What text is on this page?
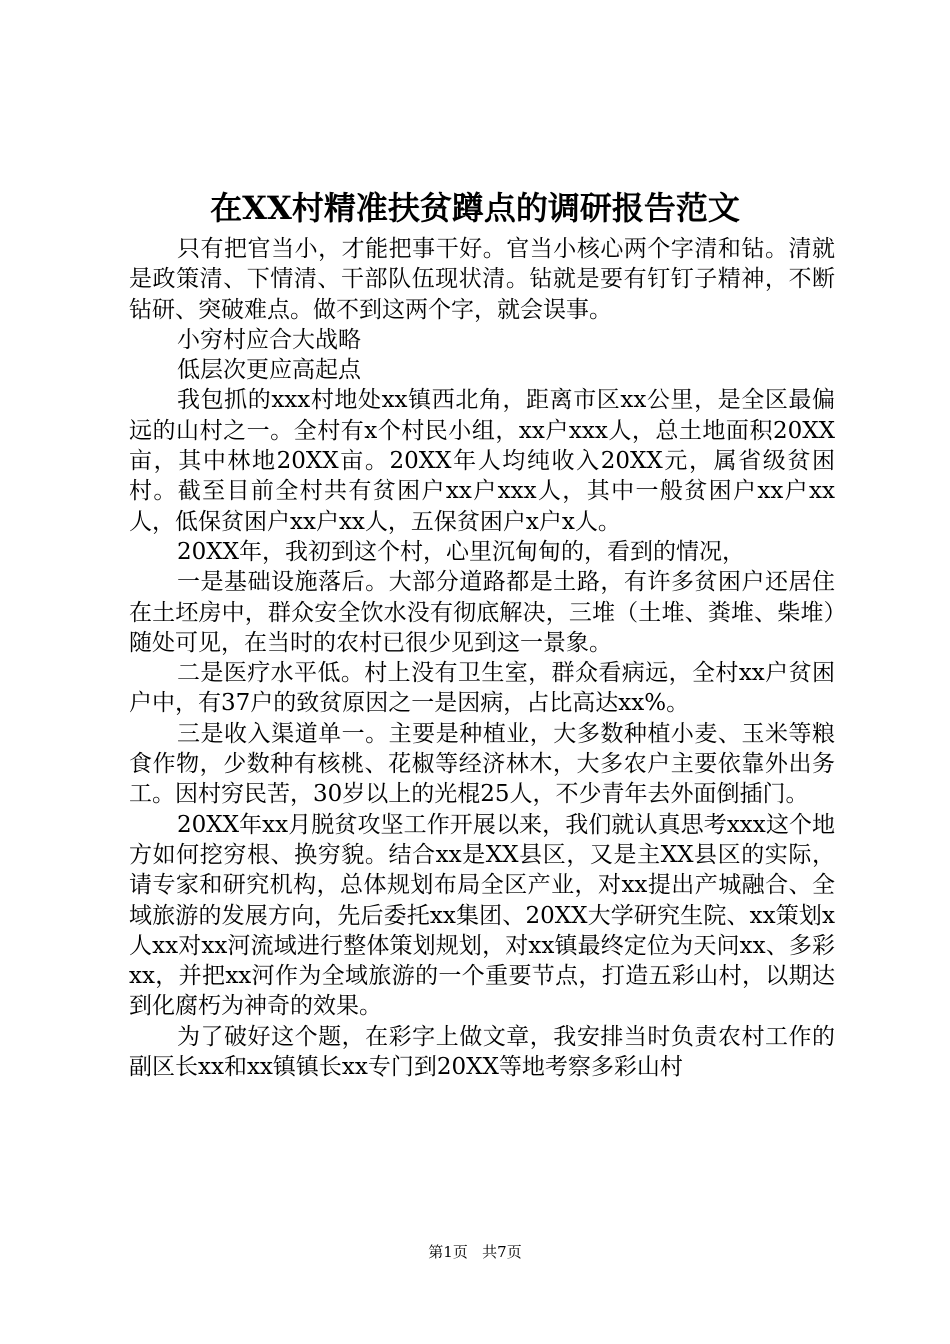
在XX村精准扶贫蹲点的调研报告范文

只有把官当小，才能把事干好。官当小核心两个字清和钻。清就是政策清、下情清、干部队伍现状清。钻就是要有钉钉子精神，不断钻研、突破难点。做不到这两个字，就会误事。

小穷村应合大战略

低层次更应高起点

我包抓的xxx村地处xx镇西北角，距离市区xx公里，是全区最偏远的山村之一。全村有x个村民小组，xx户xxx人，总土地面积20XX亩，其中林地20XX亩。20XX年人均纯收入20XX元，属省级贫困村。截至目前全村共有贫困户xx户xxx人，其中一般贫困户xx户xx人，低保贫困户xx户xx人，五保贫困户x户x人。

20XX年，我初到这个村，心里沉甸甸的，看到的情况，

一是基础设施落后。大部分道路都是土路，有许多贫困户还居住在土坯房中，群众安全饮水没有彻底解决，三堆（土堆、粪堆、柴堆）随处可见，在当时的农村已很少见到这一景象。

二是医疗水平低。村上没有卫生室，群众看病远，全村xx户贫困户中，有37户的致贫原因之一是因病，占比高达xx%。

三是收入渠道单一。主要是种植业，大多数种植小麦、玉米等粮食作物，少数种有核桃、花椒等经济林木，大多农户主要依靠外出务工。因村穷民苦，30岁以上的光棍25人，不少青年去外面倒插门。

20XX年xx月脱贫攻坚工作开展以来，我们就认真思考xxx这个地方如何挖穷根、换穷貌。结合xx是XX县区，又是主XX县区的实际，请专家和研究机构，总体规划布局全区产业，对xx提出产城融合、全域旅游的发展方向，先后委托xx集团、20XX大学研究生院、xx策划x人xx对xx河流域进行整体策划规划，对xx镇最终定位为天问xx、多彩xx，并把xx河作为全域旅游的一个重要节点，打造五彩山村，以期达到化腐朽为神奇的效果。

为了破好这个题，在彩字上做文章，我安排当时负责农村工作的副区长xx和xx镇镇长xx专门到20XX等地考察多彩山村

第1页 共7页
